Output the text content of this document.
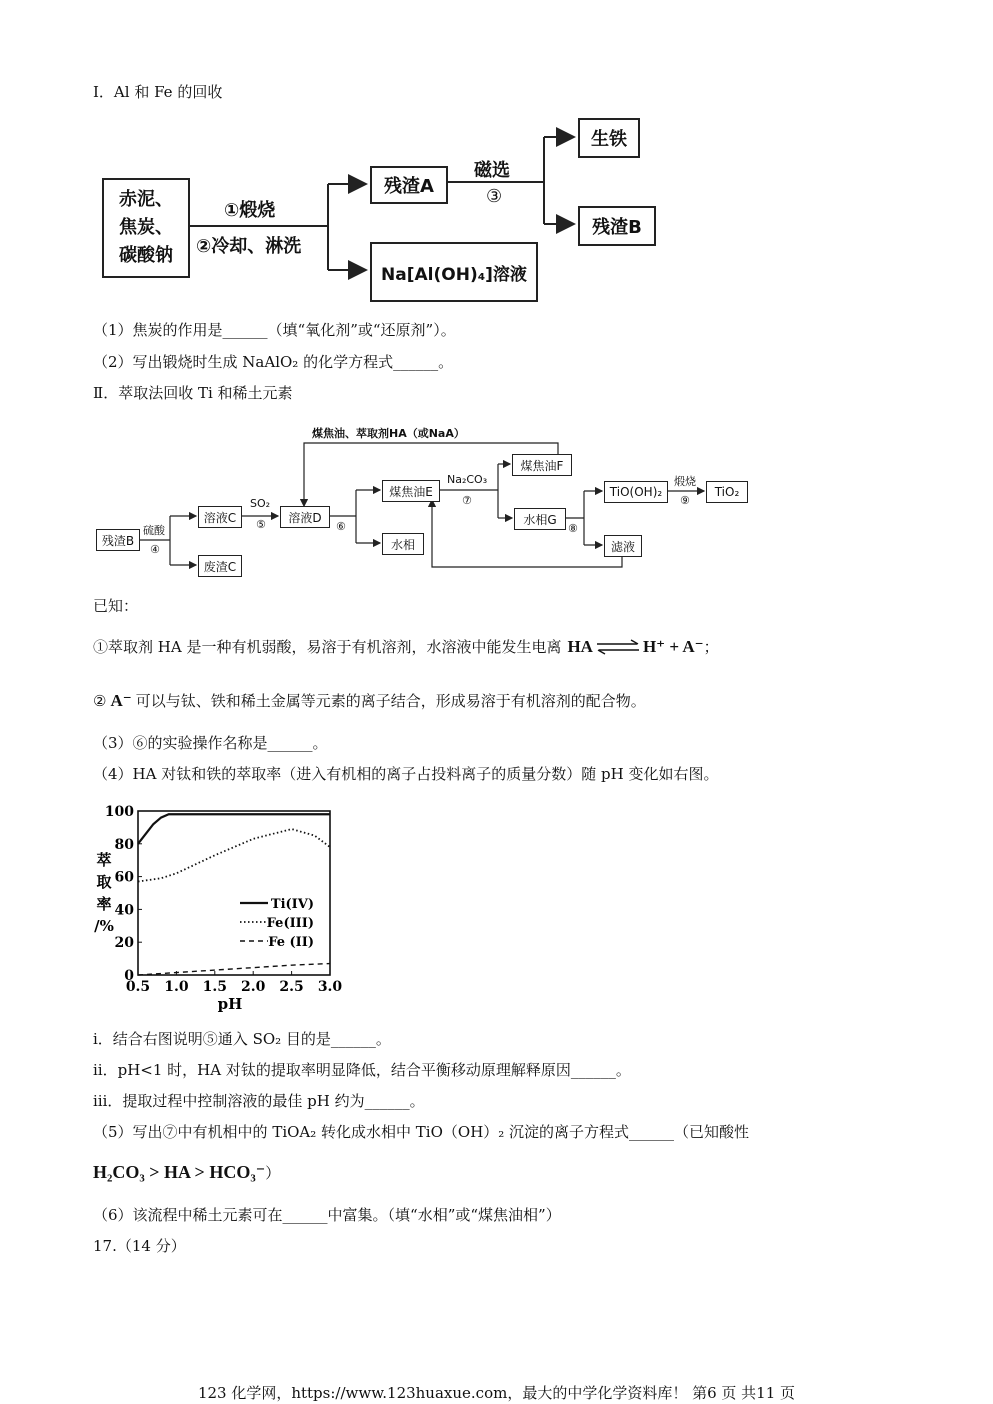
Ⅰ．Al 和 Fe 的回收
赤泥、
焦炭、
碳酸钠
①煅烧
②冷却、淋洗
残渣A
Na[Al(OH)₄]溶液
磁选
③
生铁
残渣B
（1）焦炭的作用是______（填“氧化剂”或“还原剂”）。
（2）写出锻烧时生成 NaAlO₂ 的化学方程式______。
Ⅱ．萃取法回收 Ti 和稀土元素
煤焦油、萃取剂HA（或NaA）
残渣B
硫酸
④
溶液C
废渣C
SO₂
⑤	溶液D
⑥
煤焦油E
水相
Na₂CO₃
⑦
煤焦油F
水相G
⑧
TiO(OH)₂
滤液
煅烧
⑨
TiO₂
已知：
①萃取剂 HA 是一种有机弱酸，易溶于有机溶剂，水溶液中能发生电离 HA ⇌ H⁺ + A⁻ ；
② A⁻ 可以与钛、铁和稀土金属等元素的离子结合，形成易溶于有机溶剂的配合物。
（3）⑥的实验操作名称是______。
（4）HA 对钛和铁的萃取率（进入有机相的离子占投料离子的质量分数）随 pH 变化如右图。
0.5 1.0 1.5 2.0 2.5 3.0
0
20
40
60
80
100
pH
萃
取
率
/%
Ti(IV)
Fe(III)
Fe (II)
ⅰ．结合右图说明⑤通入 SO₂ 目的是______。
ⅱ．pH<1 时，HA 对钛的提取率明显降低，结合平衡移动原理解释原因______。
ⅲ．提取过程中控制溶液的最佳 pH 约为______。
（5）写出⑦中有机相中的 TiOA₂ 转化成水相中 TiO（OH）₂ 沉淀的离子方程式______（已知酸性
H₂CO₃ > HA > HCO₃⁻）
（6）该流程中稀土元素可在______中富集。（填“水相”或“煤焦油相”）
17.（14 分）
123 化学网，https://www.123huaxue.com，最大的中学化学资料库！ 第6 页 共11 页
